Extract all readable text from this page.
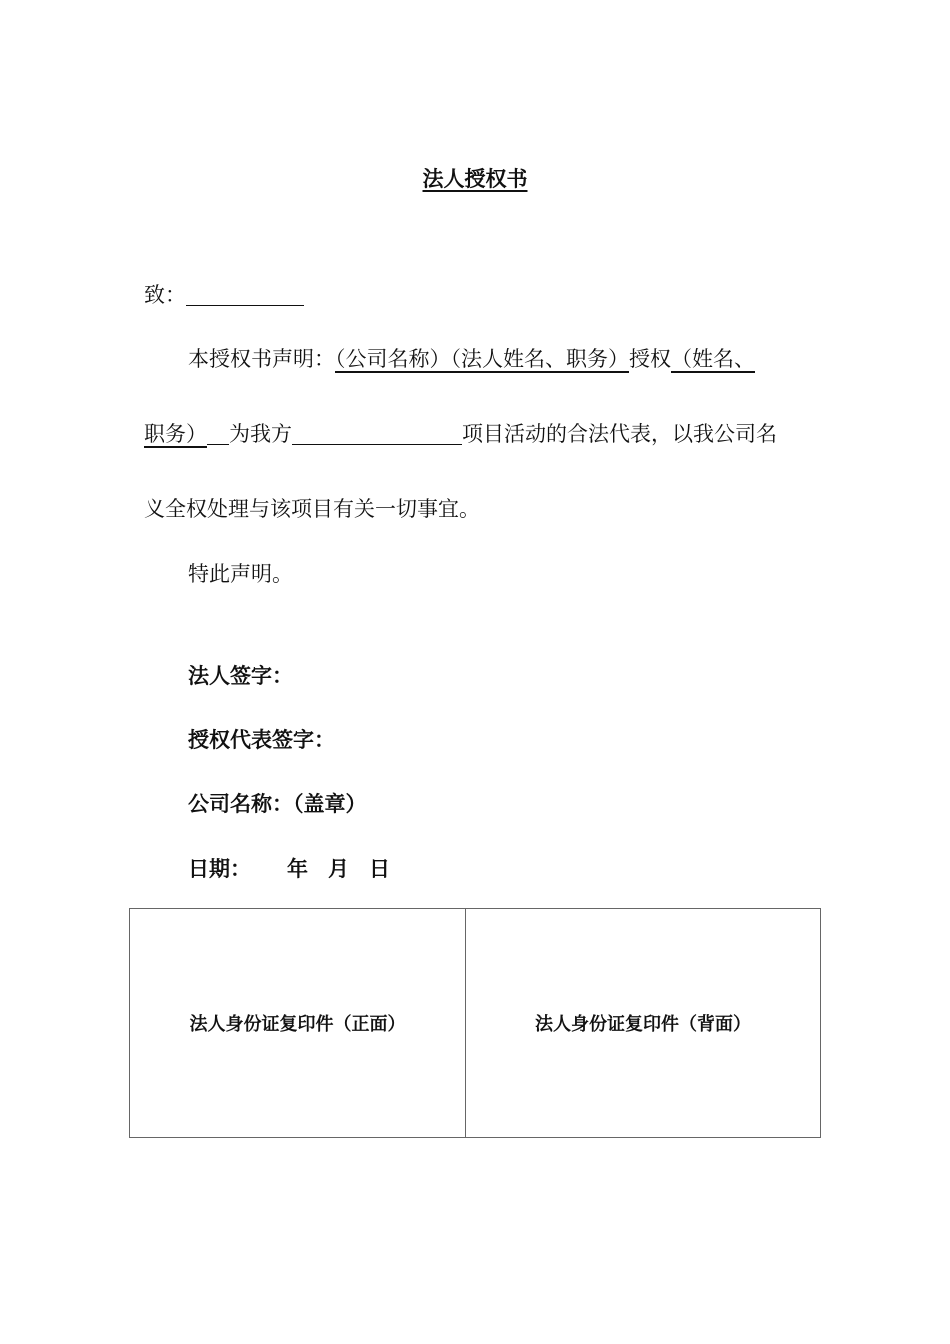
法人授权书
致：
本授权书声明：（公司名称）（法人姓名、职务）授权（姓名、
职务） 为我方	项目活动的合法代表，以我公司名
义全权处理与该项目有关一切事宜。
特此声明。
法人签字：
授权代表签字：
公司名称：（盖章）
日期： 年 月 日
法人身份证复印件（正面）	法人身份证复印件（背面）
